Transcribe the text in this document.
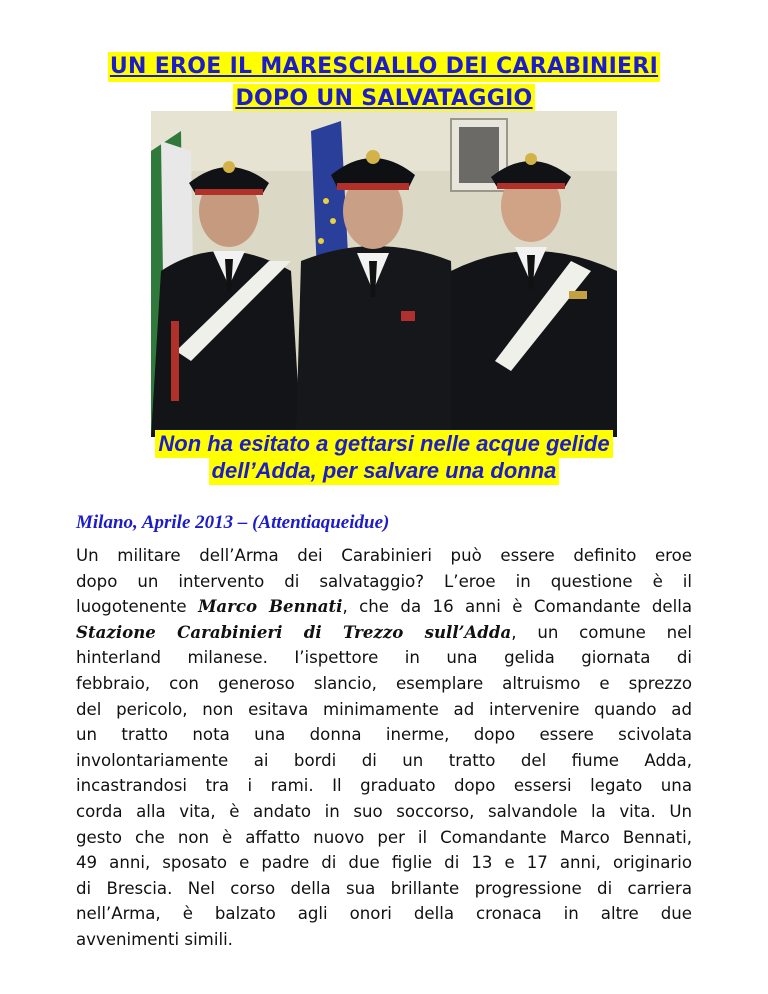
UN EROE IL MARESCIALLO DEI CARABINIERI
DOPO UN SALVATAGGIO
Non ha esitato a gettarsi nelle acque gelide
dell’Adda, per salvare una donna
Milano, Aprile 2013 – (Attentiaqueidue)
Un militare dell’Arma dei Carabinieri può essere definito eroe
dopo un intervento di salvataggio? L’eroe in questione è il
luogotenente Marco Bennati, che da 16 anni è Comandante della
Stazione Carabinieri di Trezzo sull’Adda, un comune nel
hinterland milanese. I’ispettore in una gelida giornata di
febbraio, con generoso slancio, esemplare altruismo e sprezzo
del pericolo, non esitava minimamente ad intervenire quando ad
un tratto nota una donna inerme, dopo essere scivolata
involontariamente ai bordi di un tratto del fiume Adda,
incastrandosi tra i rami. Il graduato dopo essersi legato una
corda alla vita, è andato in suo soccorso, salvandole la vita. Un
gesto che non è affatto nuovo per il Comandante Marco Bennati,
49 anni, sposato e padre di due figlie di 13 e 17 anni, originario
di Brescia. Nel corso della sua brillante progressione di carriera
nell’Arma, è balzato agli onori della cronaca in altre due
avvenimenti simili.
